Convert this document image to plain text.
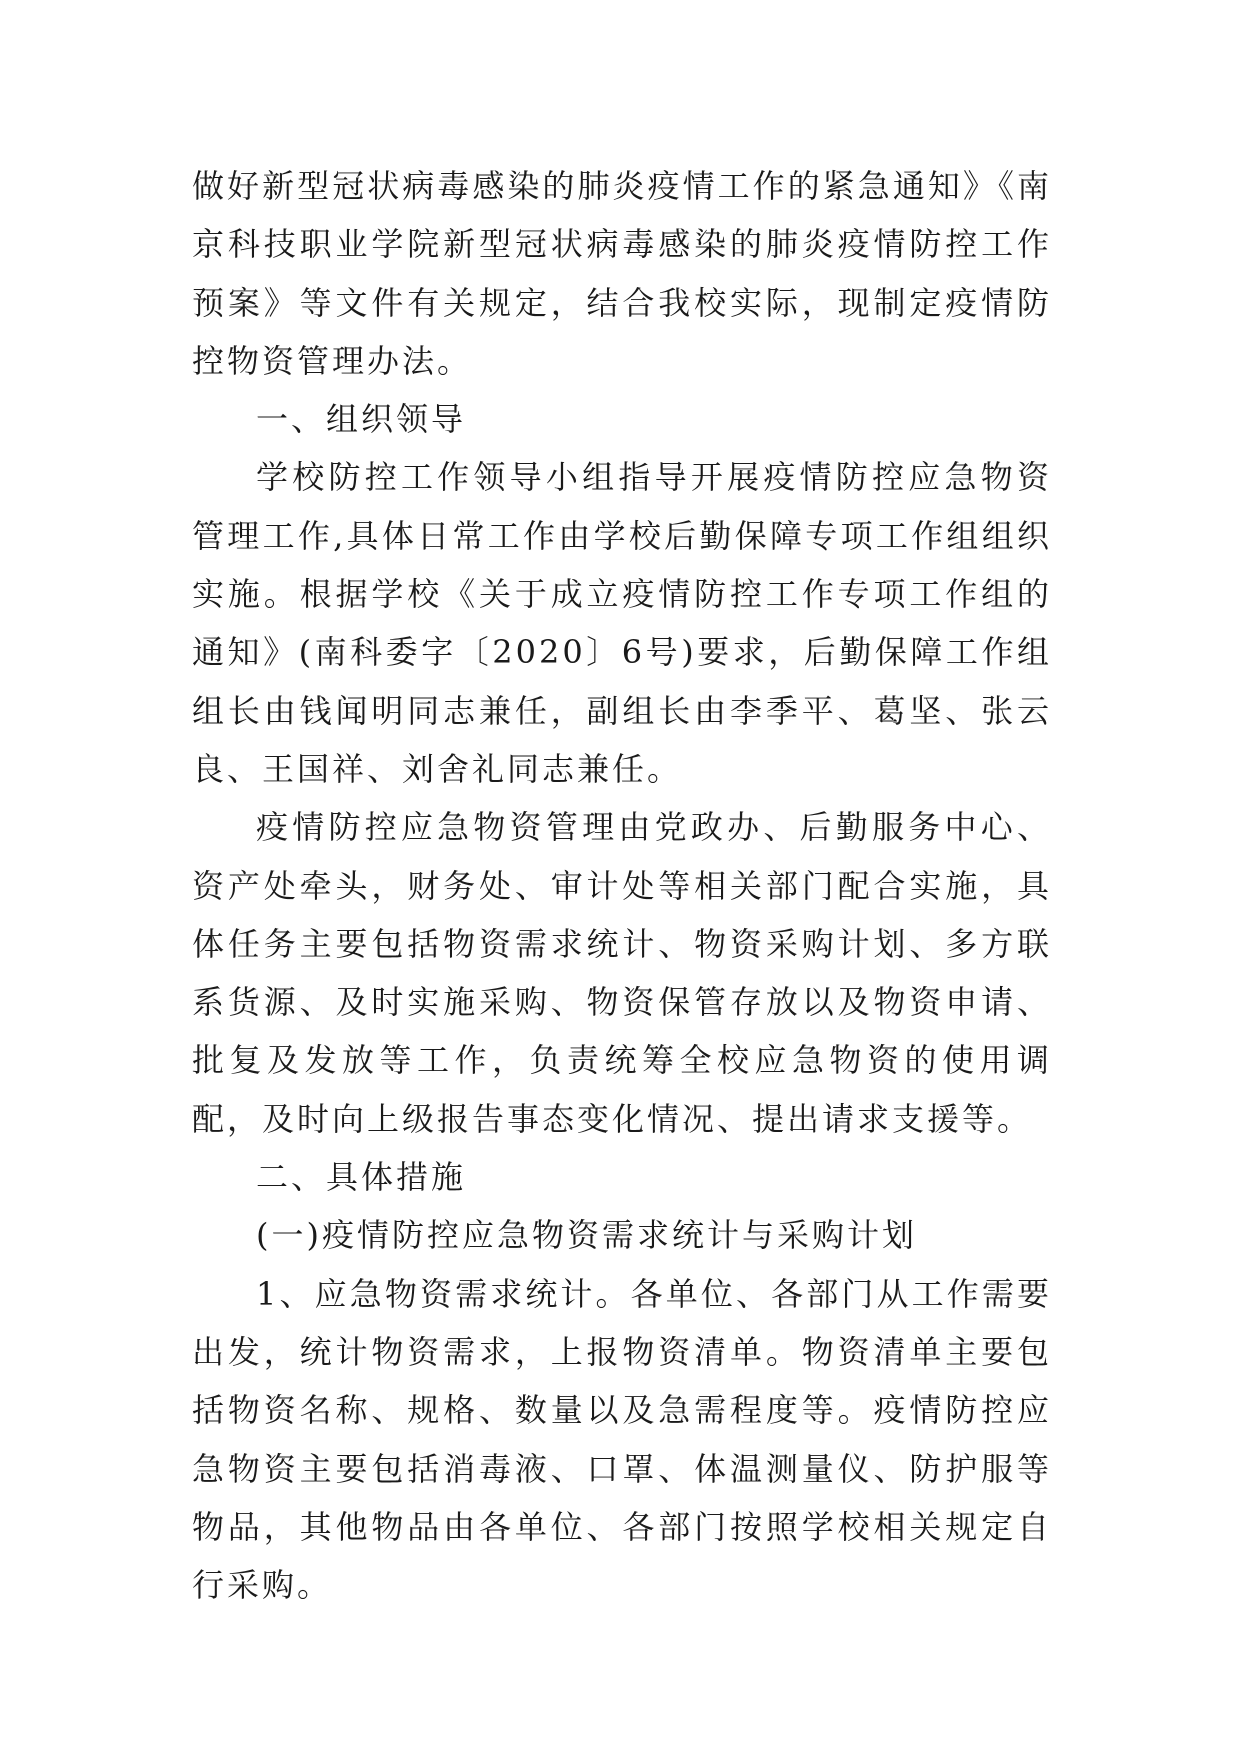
做好新型冠状病毒感染的肺炎疫情工作的紧急通知》《南京科技职业学院新型冠状病毒感染的肺炎疫情防控工作预案》等文件有关规定，结合我校实际，现制定疫情防控物资管理办法。

一、组织领导

学校防控工作领导小组指导开展疫情防控应急物资管理工作,具体日常工作由学校后勤保障专项工作组组织实施。根据学校《关于成立疫情防控工作专项工作组的通知》(南科委字〔2020〕6号)要求，后勤保障工作组组长由钱闻明同志兼任，副组长由李季平、葛坚、张云良、王国祥、刘舍礼同志兼任。

疫情防控应急物资管理由党政办、后勤服务中心、资产处牵头，财务处、审计处等相关部门配合实施，具体任务主要包括物资需求统计、物资采购计划、多方联系货源、及时实施采购、物资保管存放以及物资申请、批复及发放等工作，负责统筹全校应急物资的使用调配，及时向上级报告事态变化情况、提出请求支援等。

二、具体措施

(一)疫情防控应急物资需求统计与采购计划

1、应急物资需求统计。各单位、各部门从工作需要出发，统计物资需求，上报物资清单。物资清单主要包括物资名称、规格、数量以及急需程度等。疫情防控应急物资主要包括消毒液、口罩、体温测量仪、防护服等物品，其他物品由各单位、各部门按照学校相关规定自行采购。
